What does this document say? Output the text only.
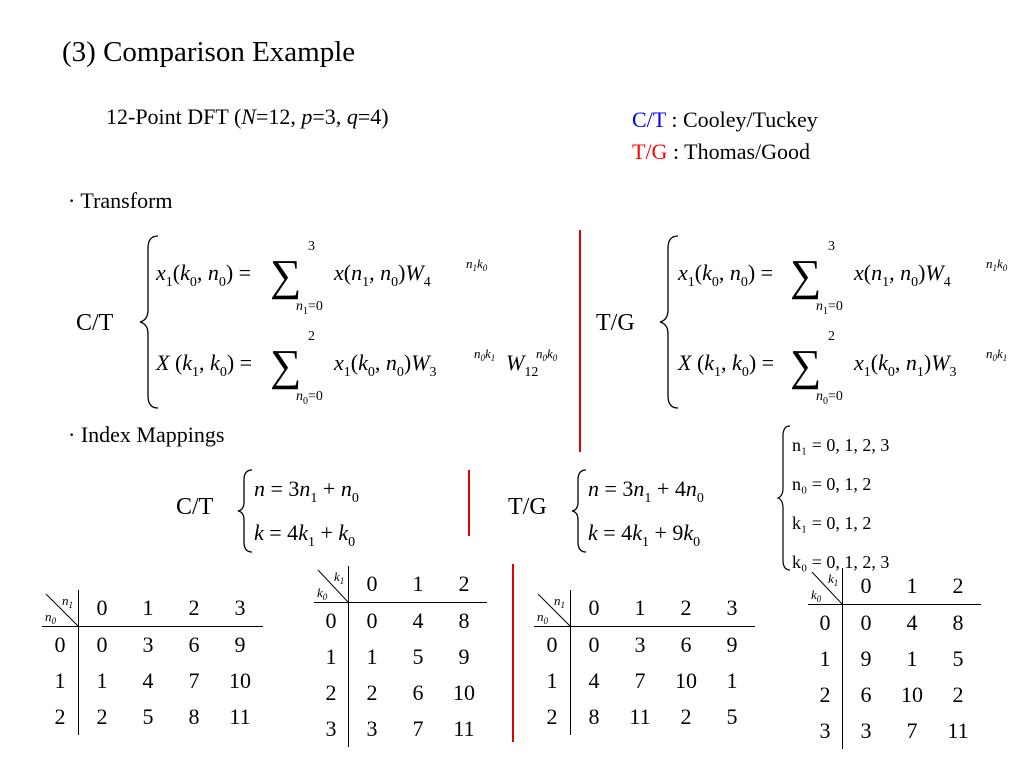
(3) Comparison Example
12-Point DFT (N=12, p=3, q=4)	C/T : Cooley/Tuckey
T/G : Thomas/Good
· Transform
· Index Mappings
C/T	T/G
$x_1(k_0$, $n_0$) = ∑
3
$n_1=0$
$x(n_1$, $n_0)W_4$
$n_1k_0$
X ($k_1$, $k_0$) = ∑
2
$n_0=0$
$x_1(k_0$, $n_0)W_3$
$n_0k_1$ $W_{12}$
$n_0k_0$
$x_1(k_0$, $n_0$) = ∑
3
$n_1=0$
$x(n_1$, $n_0)W_4$
$n_1k_0$
X ($k_1$, $k_0$) = ∑
2
$n_0=0$
$x_1(k_0$, $n_1)W_3$
$n_0k_1$
C/T
$n = 3n_1 + n_0$
$k = 4k_1 + k_0$
T/G
$n = 3n_1 + 4n_0$
$k = 4k_1 + 9k_0$
n₁ = 0, 1, 2, 3
n₀ = 0, 1, 2
k₁ = 0, 1, 2
k₀ = 0, 1, 2, 3
$n_1$
$n_0$	0	1	2	3
0	0	3	6	9
1	1	4	7	10
2	2	5	8	11
$k_1$
$k_0$	0	1	2
0	0	4	8
1	1	5	9
2	2	6	10
3	3	7	11
$n_1$
$n_0$	0	1	2	3
0	0	3	6	9
1	4	7	10	1
2	8	11	2	5
$k_1$
$k_0$	0	1	2
0	0	4	8
1	9	1	5
2	6	10	2
3	3	7	11
